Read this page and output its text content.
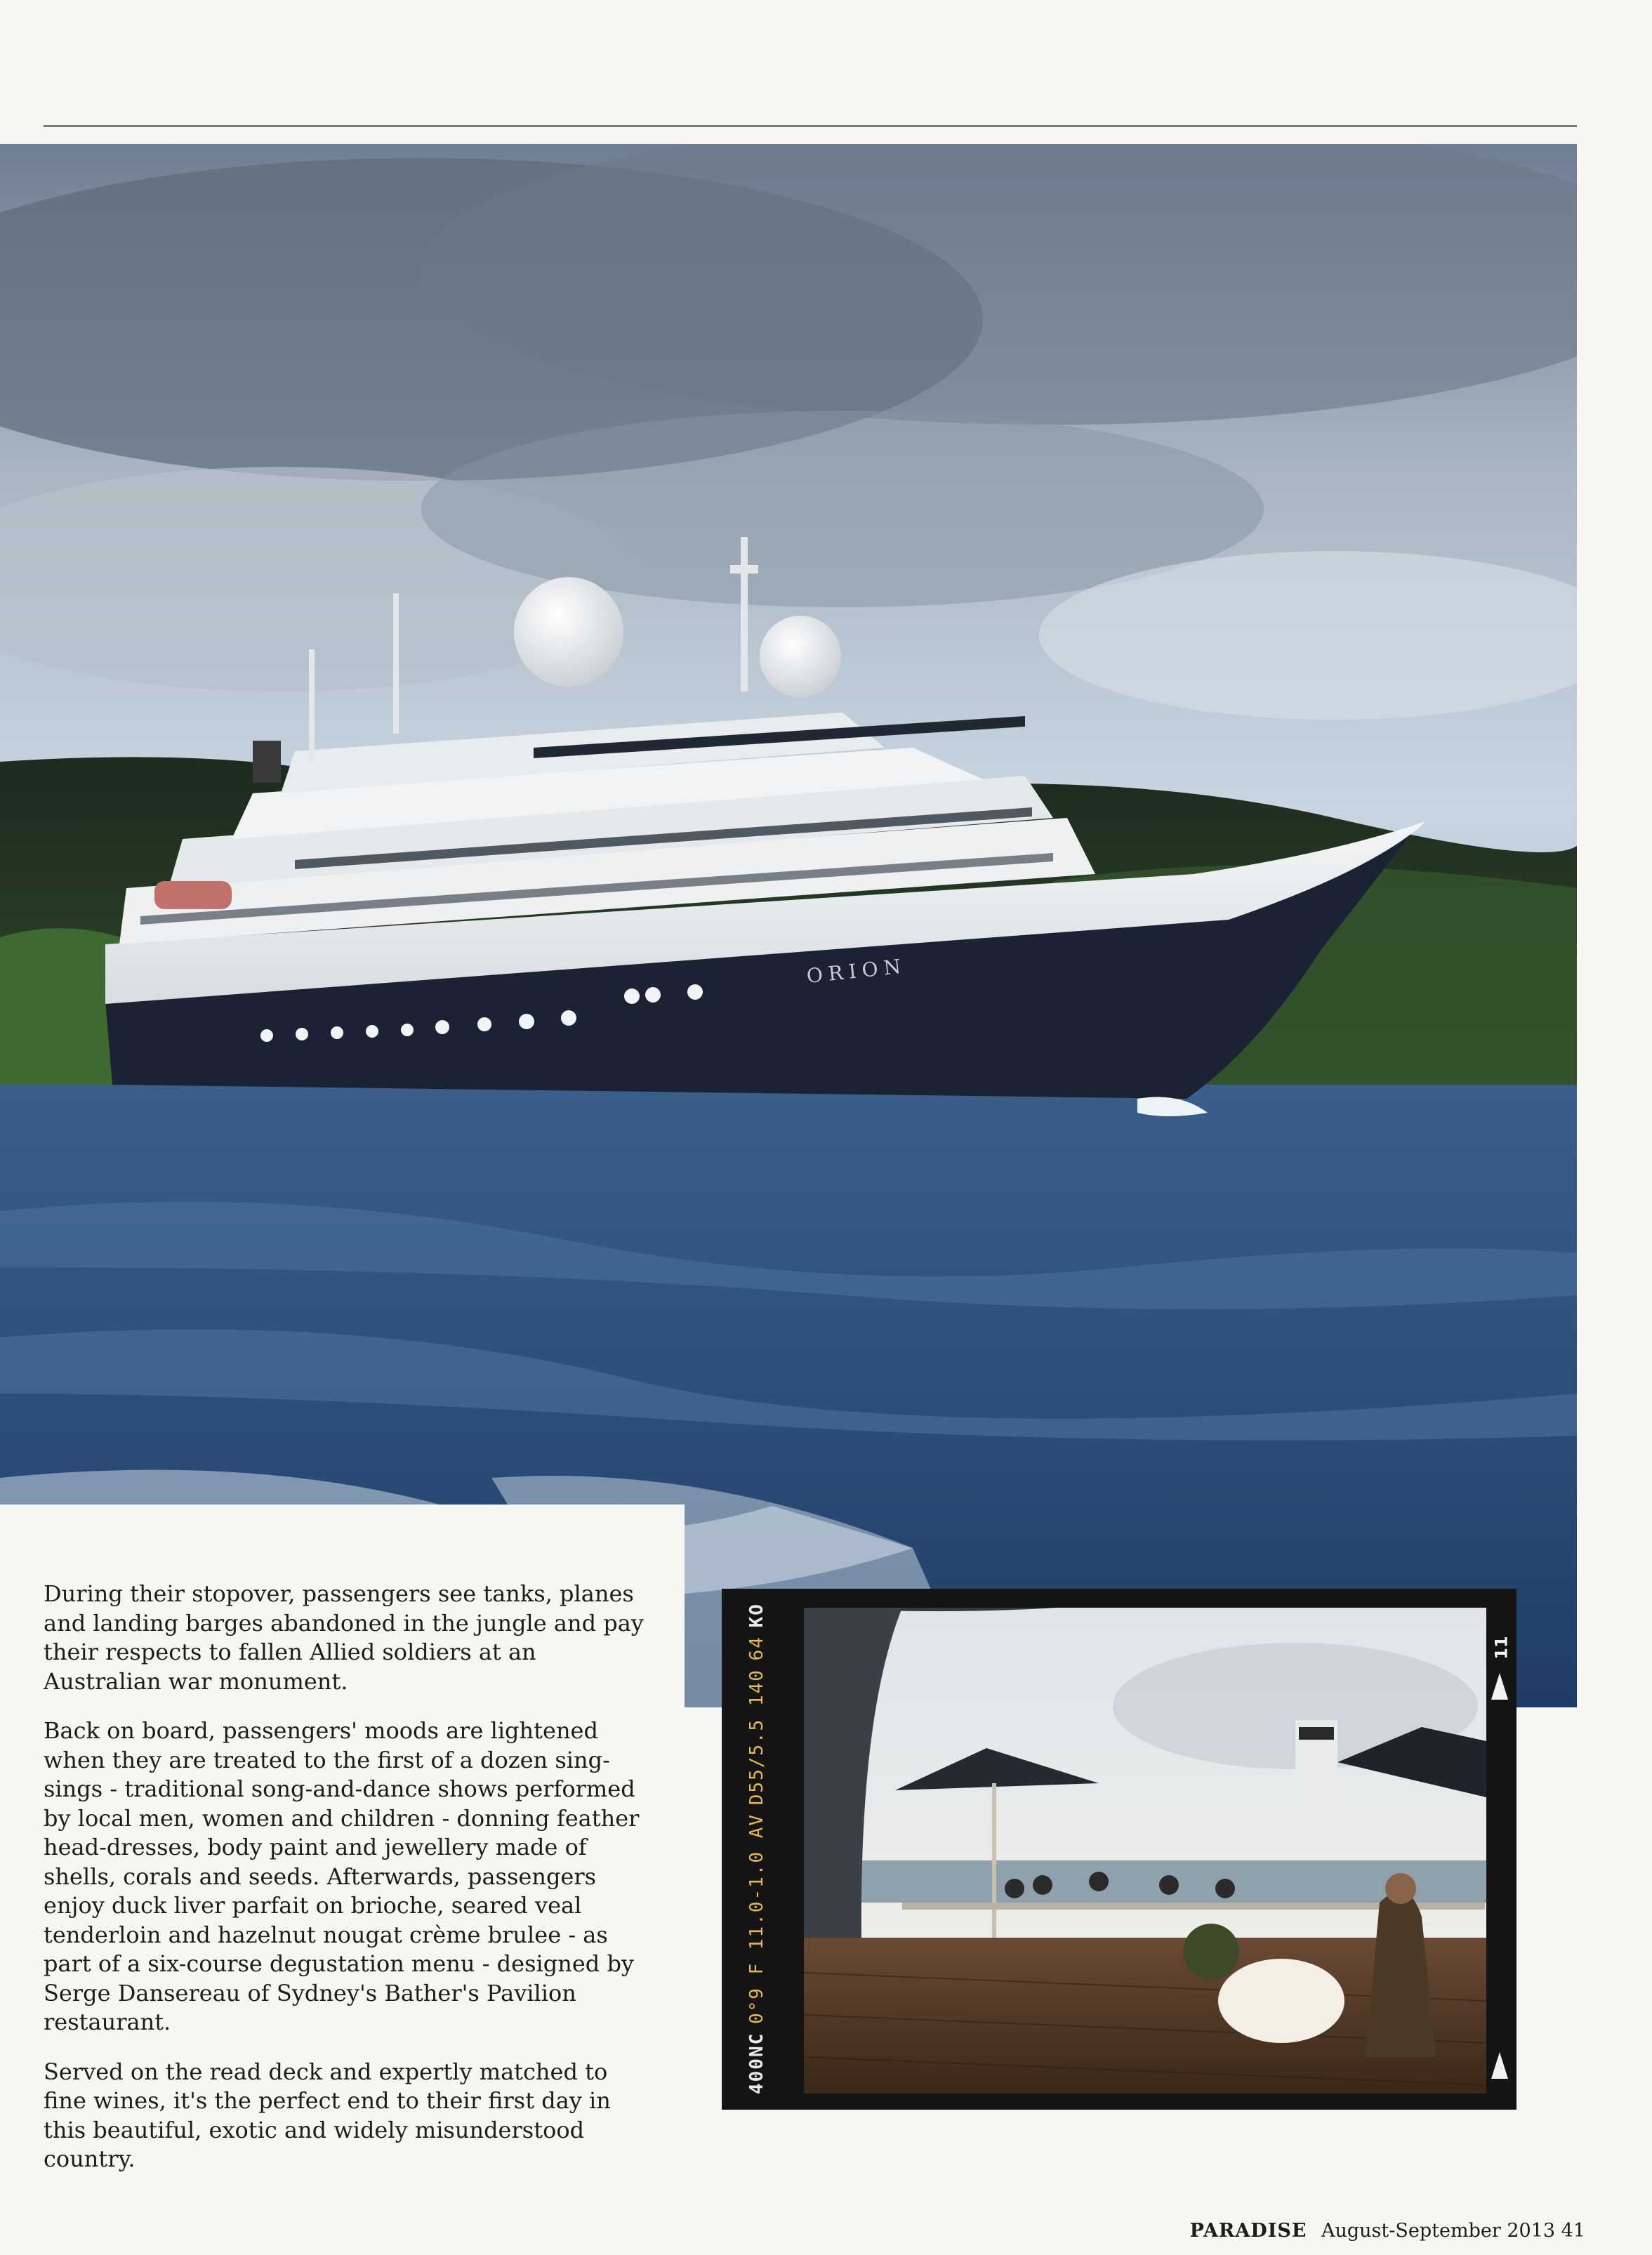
ORION

During their stopover, passengers see tanks, planes and landing barges abandoned in the jungle and pay their respects to fallen Allied soldiers at an Australian war monument.

Back on board, passengers' moods are lightened when they are treated to the first of a dozen sing-sings - traditional song-and-dance shows performed by local men, women and children - donning feather head-dresses, body paint and jewellery made of shells, corals and seeds. Afterwards, passengers enjoy duck liver parfait on brioche, seared veal tenderloin and hazelnut nougat crème brulee - as part of a six-course degustation menu - designed by Serge Dansereau of Sydney's Bather's Pavilion restaurant.

Served on the read deck and expertly matched to fine wines, it's the perfect end to their first day in this beautiful, exotic and widely misunderstood country.

400NC
0°9 F 11.0-1.0 AV
D55/5.5 140
64
KO
11
PARADISE August-September 2013 41
